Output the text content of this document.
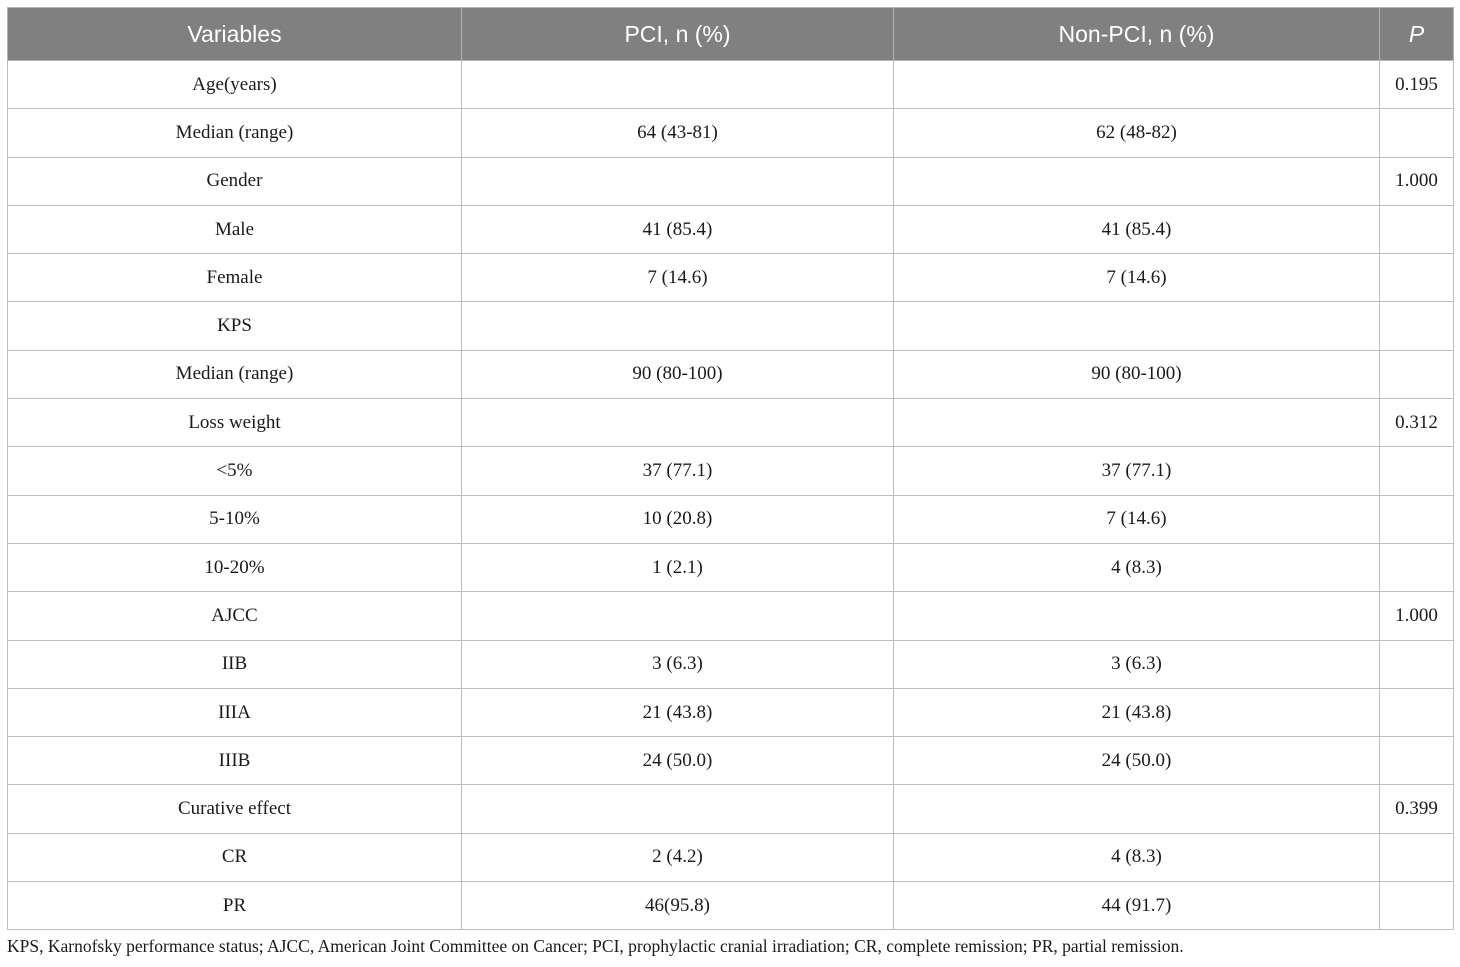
Variables	PCI, n (%)	Non-PCI, n (%)	P
Age(years)			0.195
Median (range)	64 (43-81)	62 (48-82)	
Gender			1.000
Male	41 (85.4)	41 (85.4)	
Female	7 (14.6)	7 (14.6)	
KPS			
Median (range)	90 (80-100)	90 (80-100)	
Loss weight			0.312
<5%	37 (77.1)	37 (77.1)	
5-10%	10 (20.8)	7 (14.6)	
10-20%	1 (2.1)	4 (8.3)	
AJCC			1.000
IIB	3 (6.3)	3 (6.3)	
IIIA	21 (43.8)	21 (43.8)	
IIIB	24 (50.0)	24 (50.0)	
Curative effect			0.399
CR	2 (4.2)	4 (8.3)	
PR	46(95.8)	44 (91.7)	
KPS, Karnofsky performance status; AJCC, American Joint Committee on Cancer; PCI, prophylactic cranial irradiation; CR, complete remission; PR, partial remission.
